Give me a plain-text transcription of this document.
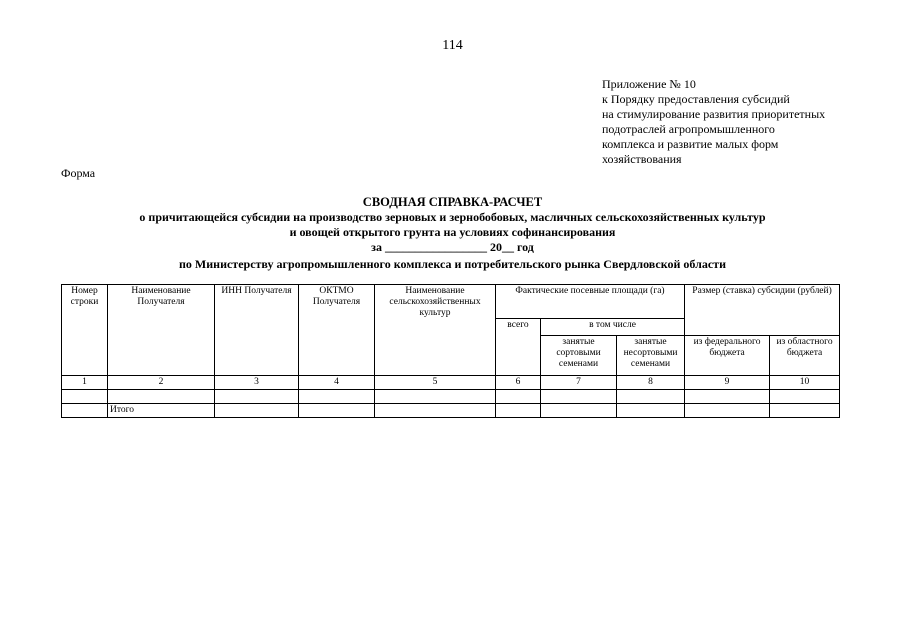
114
Приложение № 10
к Порядку предоставления субсидий
на стимулирование развития приоритетных
подотраслей агропромышленного
комплекса и развитие малых форм
хозяйствования
Форма
СВОДНАЯ СПРАВКА-РАСЧЕТ
о причитающейся субсидии на производство зерновых и зернобобовых, масличных сельскохозяйственных культур
и овощей открытого грунта на условиях софинансирования
за _________________ 20__ год
по Министерству агропромышленного комплекса и потребительского рынка Свердловской области
Номер строки	Наименование Получателя	ИНН Получателя	ОКТМО Получателя	Наименование сельскохозяйственных культур	Фактические посевные площади (га)			Размер (ставка) субсидии (рублей)	
					всего	в том числе			
						занятые сортовыми семенами	занятые несортовыми семенами	из федерального бюджета	из областного бюджета
1	2	3	4	5	6	7	8	9	10

	Итого								
